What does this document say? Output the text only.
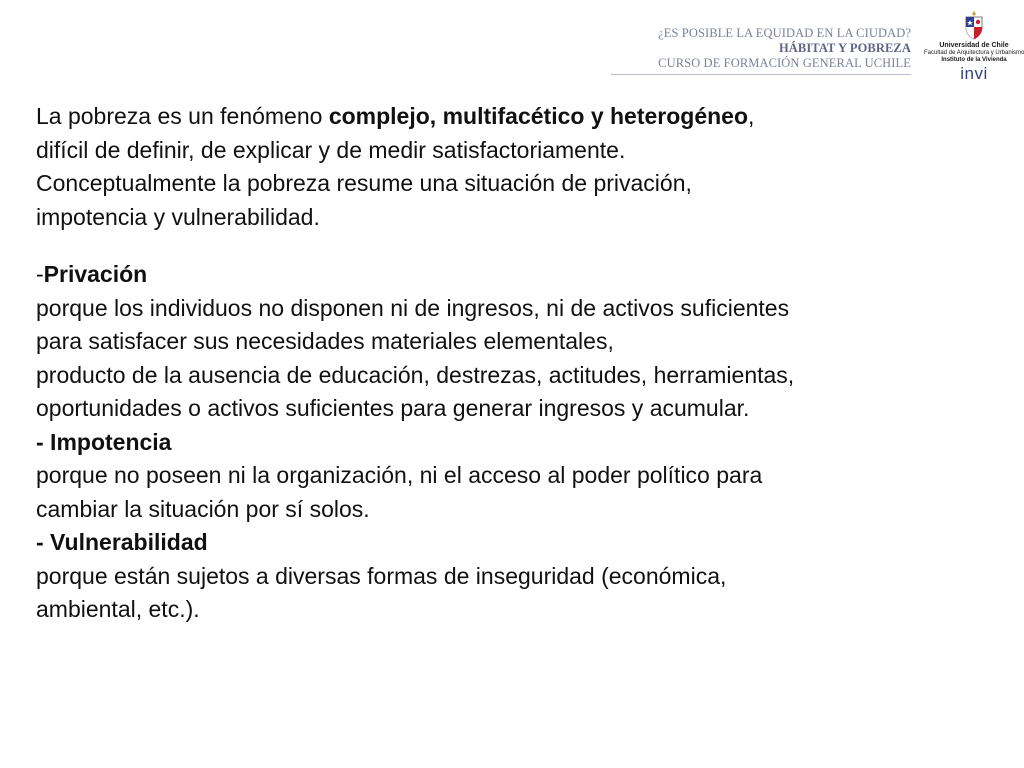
¿ES POSIBLE LA EQUIDAD EN LA CIUDAD?
HÁBITAT Y POBREZA
CURSO DE FORMACIÓN GENERAL UCHILE
Universidad de Chile
Facultad de Arquitectura y Urbanismo
Instituto de la Vivienda
invi

La pobreza es un fenómeno complejo, multifacético y heterogéneo,
difícil de definir, de explicar y de medir satisfactoriamente.
Conceptualmente la pobreza resume una situación de privación,
impotencia y vulnerabilidad.

-Privación
porque los individuos no disponen ni de ingresos, ni de activos suficientes
para satisfacer sus necesidades materiales elementales,
producto de la ausencia de educación, destrezas, actitudes, herramientas,
oportunidades o activos suficientes para generar ingresos y acumular.

- Impotencia
porque no poseen ni la organización, ni el acceso al poder político para
cambiar la situación por sí solos.

- Vulnerabilidad
porque están sujetos a diversas formas de inseguridad (económica,
ambiental, etc.).
